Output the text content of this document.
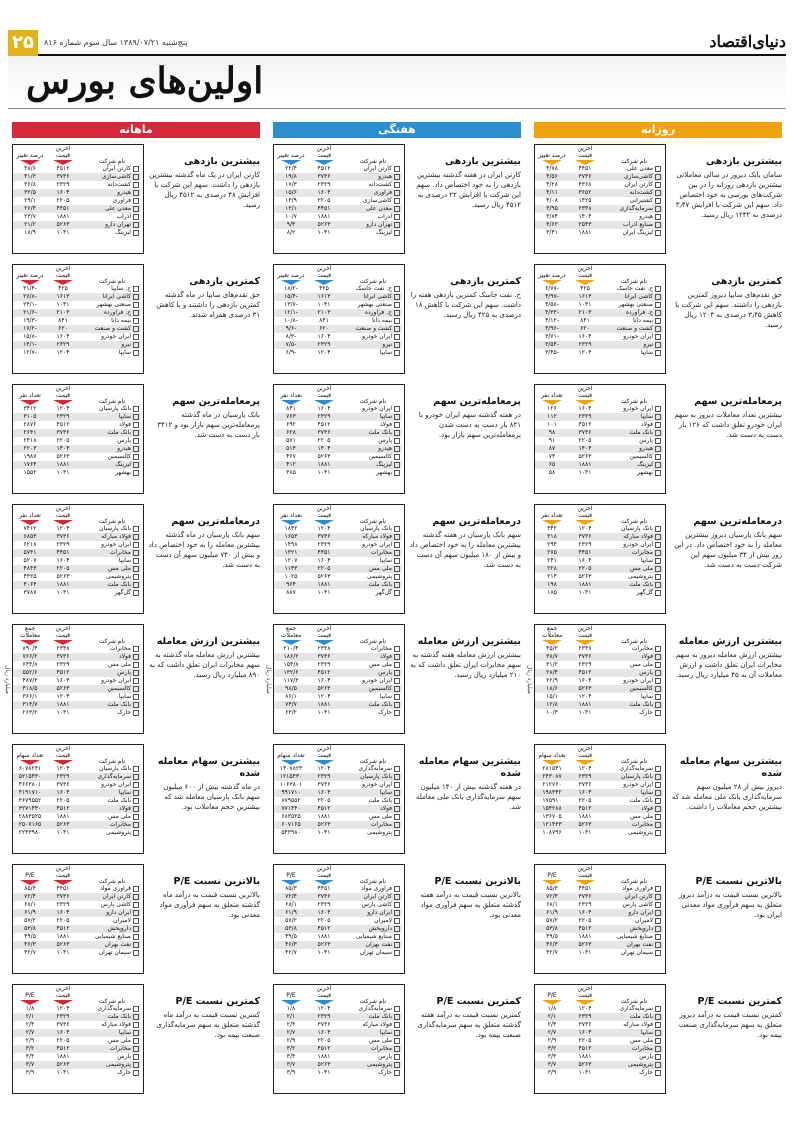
۲۵	پنج‌شنبه ۱۳۸۹/۰۷/۲۱ سال سوم شماره ۸۱۶	دنیای‌اقتصاد
اولین‌های بورس
روزانه
بیشترین بازدهی
سامان بانک دیروز در سالی معاملاتی بیشترین بازدهی روزانه را در بین شرکت‌های بورسی به خود اختصاص داد. سهم این شرکت با افزایش ۳٫۴۷ درصدی به ۱۲۳۲ ریال رسید.
نام شرکت	آخرین قیمت	درصد تغییر

معدن علی	۴۴۵۱	۴/۷۸
کاشی‌سازی	۳۷۳۶	۴/۵۶
کارتن ایران	۴۳۶۸	۴/۲۸
کشت‌دانه	۳۶۵۲	۴/۱۱
کشتیرانی	۱۴۲۵	۴/۰۸
سرمایه‌گذاری	۲۳۴۸	۳/۹۵
هیدرو	۱۴۰۴	۳/۸۴
صنایع آذرآب	۲۵۴۳	۳/۶۲
لیزینگ ایران	۱۸۸۱	۳/۴۱
کمترین بازدهی
حق تقدم‌های سایپا دیروز کمترین بازدهی را داشتند. سهم این شرکت با کاهش ۳٫۴۵ درصدی به ۱۲۰۴ ریال رسید.
نام شرکت	آخرین قیمت	درصد تغییر

ح. نفت جاسک	۴۲۵	-۶/۷۷
کاشی ایرانا	۱۶۱۳	-۴/۹۷
صنعتی بهشهر	۱۰۴۱	-۴/۵۸
ح. فرآورده	۲۱۰۳	-۴/۳۳
بیمه دانا	۸۴۱	-۴/۱۲
کشت و صنعت	۶۲۰	-۳/۹۶
ایران خودرو	۱۶۰۴	-۳/۷۱
نیرو	۲۳۲۹	-۳/۵۴
سایپا	۱۲۰۴	-۳/۴۵
پرمعامله‌ترین سهم
بیشترین تعداد معاملات دیروز به سهم ایران خودرو تعلق داشت که ۱۲۶ بار دست به دست شد.
نام شرکت	آخرین قیمت	تعداد نفر

ایران خودرو	۱۶۰۴	۱۲۶
سایپا	۲۳۲۹	۱۱۲
فولاد	۴۵۱۲	۱۰۱
بانک ملت	۳۷۳۶	۹۸
پارس	۲۲۰۵	۹۱
هیدرو	۱۴۰۴	۸۷
کالسیمین	۵۲۶۳	۷۴
لیزینگ	۱۸۸۱	۶۵
بهشهر	۱۰۴۱	۵۸
درمعامله‌ترین سهم
سهم بانک پارسیان دیروز بیشترین معامله را به خود اختصاص داد. در این روز بیش از ۳۴ میلیون سهم این شرکت دست به دست شد.
نام شرکت	آخرین قیمت	تعداد نفر

بانک پارسیان	۱۲۰۴	۳۴۲
فولاد مبارکه	۳۷۳۶	۳۱۸
ایران خودرو	۲۳۲۹	۲۹۴
مخابرات	۴۴۵۱	۲۷۵
سایپا	۱۶۰۴	۲۴۱
ملی مس	۲۲۰۵	۲۲۸
پتروشیمی	۵۲۶۳	۲۱۴
بانک ملت	۱۸۸۱	۱۹۸
گل‌گهر	۱۰۴۱	۱۸۵
بیشترین ارزش معامله
بیشترین ارزش معامله دیروز به سهم مخابرات ایران تعلق داشت و ارزش معاملات آن به ۴۵ میلیارد ریال رسید.
میلیارد ریال
نام شرکت	آخرین قیمت	جمع معاملات

مخابرات	۲۳۴۸	۴۵/۲
فولاد	۳۷۳۶	۳۸/۷
ملی مس	۲۳۲۹	۳۱/۲
پارس	۴۵۱۲	۲۸/۴
ایران خودرو	۱۶۰۴	۲۲/۹
کالسیمین	۵۲۶۳	۱۸/۶
سایپا	۱۲۰۴	۱۵/۱
بانک ملت	۱۸۸۱	۱۲/۸
خارک	۱۰۴۱	۱۰/۳
بیشترین سهام معامله شده
دیروز بیش از ۲۸ میلیون سهم سرمایه‌گذاری بانک ملی معامله شد که بیشترین حجم معاملات را داشت.
نام شرکت	آخرین قیمت	تعداد سهام

سرمایه‌گذاری	۱۲۰۴	۲۸۱۵۴۱
بانک پارسیان	۲۳۲۹	۲۴۳۰۸۷
ایران خودرو	۳۷۳۶	۲۱۲۷۶۰
سایپا	۱۶۰۴	۱۹۸۳۴۲
بانک ملت	۲۲۰۵	۱۷۵۹۱۰
فولاد	۴۵۱۲	۱۵۴۲۸۸
ملی مس	۱۸۸۱	۱۳۶۷۰۵
مخابرات	۵۲۶۳	۱۲۱۴۳۳
پتروشیمی	۱۰۴۱	۱۰۸۷۹۶
بالاترین نسبت P/E
بالاترین نسبت قیمت به درآمد دیروز متعلق به سهم فرآوری مواد معدنی ایران بود.
نام شرکت	آخرین قیمت	P/E

فرآوری مواد	۴۴۵۱	۸۵/۳
کارتن ایران	۳۷۳۶	۷۲/۴
کاشی پارس	۲۳۲۹	۶۸/۱
ایران‌ دارو	۱۶۰۴	۶۱/۹
لامیران	۲۲۰۵	۵۷/۲
داروپخش	۴۵۱۲	۵۳/۸
صنایع شیمیایی	۱۸۸۱	۴۹/۵
نفت بهران	۵۲۶۳	۴۶/۳
سیمان تهران	۱۰۴۱	۴۲/۷
کمترین نسبت P/E
کمترین نسبت قیمت به درآمد دیروز متعلق به سهم سرمایه‌گذاری صنعت بیمه بود.
نام شرکت	آخرین قیمت	P/E

سرمایه‌گذاری	۱۲۰۴	۱/۸
بانک ملت	۲۳۲۹	۲/۱
فولاد مبارکه	۳۷۳۶	۲/۴
سایپا	۱۶۰۴	۲/۷
ملی مس	۲۲۰۵	۲/۹
مخابرات	۴۵۱۲	۳/۲
پارس	۱۸۸۱	۳/۴
پتروشیمی	۵۲۶۳	۳/۷
خارک	۱۰۴۱	۳/۹
هفتگی
بیشترین بازدهی
کارتن ایران در هفته گذشته بیشترین بازدهی را به خود اختصاص داد. سهم این شرکت با افزایش ۲۲ درصدی به ۴۵۱۲ ریال رسید.
نام شرکت	آخرین قیمت	درصد تغییر

کارتن ایران	۴۵۱۲	۲۲/۴
هیدرو	۳۷۳۶	۱۹/۸
کشت‌دانه	۲۳۲۹	۱۷/۳
فرآوری	۱۶۰۴	۱۵/۶
کاشی‌سازی	۲۲۰۵	۱۳/۹
معدن علی	۴۴۵۱	۱۲/۱
آذرآب	۱۸۸۱	۱۰/۷
تهران دارو	۵۲۶۳	۹/۴
لیزینگ	۱۰۴۱	۸/۲
کمترین بازدهی
ح. نفت جاسک کمترین بازدهی هفته را داشت. سهم این شرکت با کاهش ۱۸ درصدی به ۴۲۵ ریال رسید.
نام شرکت	آخرین قیمت	درصد تغییر

ح. نفت جاسک	۴۲۵	-۱۸/۲
کاشی ایرانا	۱۶۱۳	-۱۵/۴
صنعتی بهشهر	۱۰۴۱	-۱۳/۷
ح. فرآورده	۲۱۰۳	-۱۲/۱
بیمه دانا	۸۴۱	-۱۰/۸
کشت و صنعت	۶۲۰	-۹/۶
ایران خودرو	۱۶۰۴	-۸/۳
نیرو	۲۳۲۹	-۷/۵
سایپا	۱۲۰۴	-۶/۹
پرمعامله‌ترین سهم
در هفته گذشته سهم ایران خودرو با ۸۴۱ بار دست به دست شدن پرمعامله‌ترین سهم بازار بود.
نام شرکت	آخرین قیمت	تعداد نفر

ایران خودرو	۱۶۰۴	۸۴۱
سایپا	۲۳۲۹	۷۶۳
فولاد	۴۵۱۲	۶۹۲
بانک ملت	۳۷۳۶	۶۲۸
پارس	۲۲۰۵	۵۷۱
هیدرو	۱۴۰۴	۵۱۴
کالسیمین	۵۲۶۳	۴۶۷
لیزینگ	۱۸۸۱	۴۱۲
بهشهر	۱۰۴۱	۳۸۵
درمعامله‌ترین سهم
سهم بانک پارسیان در هفته گذشته بیشترین معامله را به خود اختصاص داد و بیش از ۱۸۰ میلیون سهم آن دست به دست شد.
نام شرکت	آخرین قیمت	تعداد نفر

بانک پارسیان	۱۲۰۴	۱۸۴۲
فولاد مبارکه	۳۷۳۶	۱۶۵۳
ایران خودرو	۲۳۲۹	۱۴۹۸
مخابرات	۴۴۵۱	۱۳۲۱
سایپا	۱۶۰۴	۱۲۰۷
ملی مس	۲۲۰۵	۱۱۴۳
پتروشیمی	۵۲۶۳	۱۰۲۵
بانک ملت	۱۸۸۱	۹۶۴
گل‌گهر	۱۰۴۱	۸۸۷
بیشترین ارزش معامله
بیشترین ارزش معامله هفته گذشته به سهم مخابرات ایران تعلق داشت که به ۲۱۰ میلیارد ریال رسید.
میلیارد ریال
نام شرکت	آخرین قیمت	جمع معاملات

مخابرات	۲۳۴۸	۲۱۰/۴
فولاد	۳۷۳۶	۱۸۶/۲
ملی مس	۲۳۲۹	۱۵۴/۸
پارس	۴۵۱۲	۱۳۲/۶
ایران خودرو	۱۶۰۴	۱۱۷/۳
کالسیمین	۵۲۶۳	۹۸/۵
سایپا	۱۲۰۴	۸۶/۱
بانک ملت	۱۸۸۱	۷۴/۷
خارک	۱۰۴۱	۶۳/۲
بیشترین سهام معامله شده
در هفته گذشته بیش از ۱۴۰ میلیون سهم سرمایه‌گذاری بانک ملی معامله شد.
نام شرکت	آخرین قیمت	تعداد سهام

سرمایه‌گذاری	۱۲۰۴	۱۴۰۷۸۲۳
بانک پارسیان	۲۳۲۹	۱۲۱۵۴۳۰
ایران خودرو	۳۷۳۶	۱۰۶۳۸۰۱
سایپا	۱۶۰۴	۹۹۱۷۱۰
بانک ملت	۲۲۰۵	۸۷۹۵۵۲
فولاد	۴۵۱۲	۷۷۱۴۴۰
ملی مس	۱۸۸۱	۶۸۳۵۲۵
مخابرات	۵۲۶۳	۶۰۷۱۶۵
پتروشیمی	۱۰۴۱	۵۴۳۹۸۰
بالاترین نسبت P/E
بالاترین نسبت قیمت به درآمد هفته گذشته متعلق به سهم فرآوری مواد معدنی بود.
نام شرکت	آخرین قیمت	P/E

فرآوری مواد	۴۴۵۱	۸۵/۳
کارتن ایران	۳۷۳۶	۷۲/۴
کاشی پارس	۲۳۲۹	۶۸/۱
ایران دارو	۱۶۰۴	۶۱/۹
لامیران	۲۲۰۵	۵۷/۲
داروپخش	۴۵۱۲	۵۳/۸
صنایع شیمیایی	۱۸۸۱	۴۹/۵
نفت بهران	۵۲۶۳	۴۶/۳
سیمان تهران	۱۰۴۱	۴۲/۷
کمترین نسبت P/E
کمترین نسبت قیمت به درآمد هفته گذشته متعلق به سهم سرمایه‌گذاری صنعت بیمه بود.
نام شرکت	آخرین قیمت	P/E

سرمایه‌گذاری	۱۲۰۴	۱/۸
بانک ملت	۲۳۲۹	۲/۱
فولاد مبارکه	۳۷۳۶	۲/۴
سایپا	۱۶۰۴	۲/۷
ملی مس	۲۲۰۵	۲/۹
مخابرات	۴۵۱۲	۳/۲
پارس	۱۸۸۱	۳/۴
پتروشیمی	۵۲۶۳	۳/۷
خارک	۱۰۴۱	۳/۹
ماهانه
بیشترین بازدهی
کارتن ایران در یک ماه گذشته بیشترین بازدهی را داشت. سهم این شرکت با افزایش ۴۸ درصدی به ۴۵۱۲ ریال رسید.
نام شرکت	آخرین قیمت	درصد تغییر

کارتن ایران	۴۵۱۲	۴۸/۶
کاشی‌سازی	۳۷۳۶	۴۱/۳
کشت‌دانه	۲۳۲۹	۳۶/۸
هیدرو	۱۶۰۴	۳۲/۵
فرآوری	۲۲۰۵	۲۹/۱
معدن علی	۴۴۵۱	۲۶/۴
آذرآب	۱۸۸۱	۲۳/۷
تهران دارو	۵۲۶۳	۲۱/۲
لیزینگ	۱۰۴۱	۱۸/۹
کمترین بازدهی
حق تقدم‌های سایپا در ماه گذشته کمترین بازدهی را داشتند و با کاهش ۳۱ درصدی همراه شدند.
نام شرکت	آخرین قیمت	درصد تغییر

ح. سایپا	۴۲۵	-۳۱/۴
کاشی ایرانا	۱۶۱۳	-۲۷/۸
صنعتی بهشهر	۱۰۴۱	-۲۴/۱
ح. فرآورده	۲۱۰۳	-۲۱/۶
بیمه دانا	۸۴۱	-۱۹/۳
کشت و صنعت	۶۲۰	-۱۷/۲
ایران خودرو	۱۶۰۴	-۱۵/۸
نیرو	۲۳۲۹	-۱۴/۱
سایپا	۱۲۰۴	-۱۲/۷
پرمعامله‌ترین سهم
بانک پارسیان در ماه گذشته پرمعامله‌ترین سهم بازار بود و ۳۴۱۲ بار دست به دست شد.
نام شرکت	آخرین قیمت	تعداد نفر

بانک پارسیان	۱۲۰۴	۳۴۱۲
سایپا	۲۳۲۹	۳۱۰۵
فولاد	۴۵۱۲	۲۸۷۶
بانک ملت	۳۷۳۶	۲۶۴۱
پارس	۲۲۰۵	۲۴۱۸
هیدرو	۱۴۰۴	۲۲۰۳
کالسیمین	۵۲۶۳	۱۹۸۷
لیزینگ	۱۸۸۱	۱۷۶۴
بهشهر	۱۰۴۱	۱۵۵۲
درمعامله‌ترین سهم
سهم بانک پارسیان در ماه گذشته بیشترین معامله را به خود اختصاص داد و بیش از ۷۴۰ میلیون سهم آن دست به دست شد.
نام شرکت	آخرین قیمت	تعداد نفر

بانک پارسیان	۱۲۰۴	۷۴۱۲
فولاد مبارکه	۳۷۳۶	۶۸۵۳
ایران خودرو	۲۳۲۹	۶۲۱۸
مخابرات	۴۴۵۱	۵۷۴۱
سایپا	۱۶۰۴	۵۲۰۷
ملی مس	۲۲۰۵	۴۸۴۳
پتروشیمی	۵۲۶۳	۴۴۲۵
بانک ملت	۱۸۸۱	۴۰۶۴
گل‌گهر	۱۰۴۱	۳۷۸۷
بیشترین ارزش معامله
بیشترین ارزش معامله ماه گذشته به سهم مخابرات ایران تعلق داشت که به ۸۹۰ میلیارد ریال رسید.
میلیارد ریال
نام شرکت	آخرین قیمت	جمع معاملات

مخابرات	۲۳۴۸	۸۹۰/۴
فولاد	۳۷۳۶	۷۶۶/۲
ملی مس	۲۳۲۹	۶۴۴/۸
پارس	۴۵۱۲	۵۵۲/۶
ایران خودرو	۱۶۰۴	۴۸۷/۳
کالسیمین	۵۲۶۳	۴۱۸/۵
سایپا	۱۲۰۴	۳۶۶/۱
بانک ملت	۱۸۸۱	۳۱۴/۷
خارک	۱۰۴۱	۲۶۳/۲
بیشترین سهام معامله شده
در ماه گذشته بیش از ۶۰۰ میلیون سهم بانک پارسیان معامله شد که بیشترین حجم معاملات بود.
نام شرکت	آخرین قیمت	تعداد سهام

بانک پارسیان	۱۲۰۴	۶۰۷۸۲۳۱
سرمایه‌گذاری	۲۳۲۹	۵۲۱۵۴۳۰
ایران خودرو	۳۷۳۶	۴۶۶۳۸۰۱
سایپا	۱۶۰۴	۴۱۹۱۷۱۰
بانک ملت	۲۲۰۵	۳۶۷۹۵۵۲
فولاد	۴۵۱۲	۳۲۷۱۴۴۰
ملی مس	۱۸۸۱	۲۸۸۳۵۲۵
مخابرات	۵۲۶۳	۲۵۰۷۱۶۵
پتروشیمی	۱۰۴۱	۲۲۴۳۹۸۰
بالاترین نسبت P/E
بالاترین نسبت قیمت به درآمد ماه گذشته متعلق به سهم فرآوری مواد معدنی بود.
نام شرکت	آخرین قیمت	P/E

فرآوری مواد	۴۴۵۱	۸۵/۳
کارتن ایران	۳۷۳۶	۷۲/۴
کاشی پارس	۲۳۲۹	۶۸/۱
ایران دارو	۱۶۰۴	۶۱/۹
لامیران	۲۲۰۵	۵۷/۲
داروپخش	۴۵۱۲	۵۳/۸
صنایع شیمیایی	۱۸۸۱	۴۹/۵
نفت بهران	۵۲۶۳	۴۶/۳
سیمان تهران	۱۰۴۱	۴۲/۷
کمترین نسبت P/E
کمترین نسبت قیمت به درآمد ماه گذشته متعلق به سهم سرمایه‌گذاری صنعت بیمه بود.
نام شرکت	آخرین قیمت	P/E

سرمایه‌گذاری	۱۲۰۴	۱/۸
بانک ملت	۲۳۲۹	۲/۱
فولاد مبارکه	۳۷۳۶	۲/۴
سایپا	۱۶۰۴	۲/۷
ملی مس	۲۲۰۵	۲/۹
مخابرات	۴۵۱۲	۳/۲
پارس	۱۸۸۱	۳/۴
پتروشیمی	۵۲۶۳	۳/۷
خارک	۱۰۴۱	۳/۹
